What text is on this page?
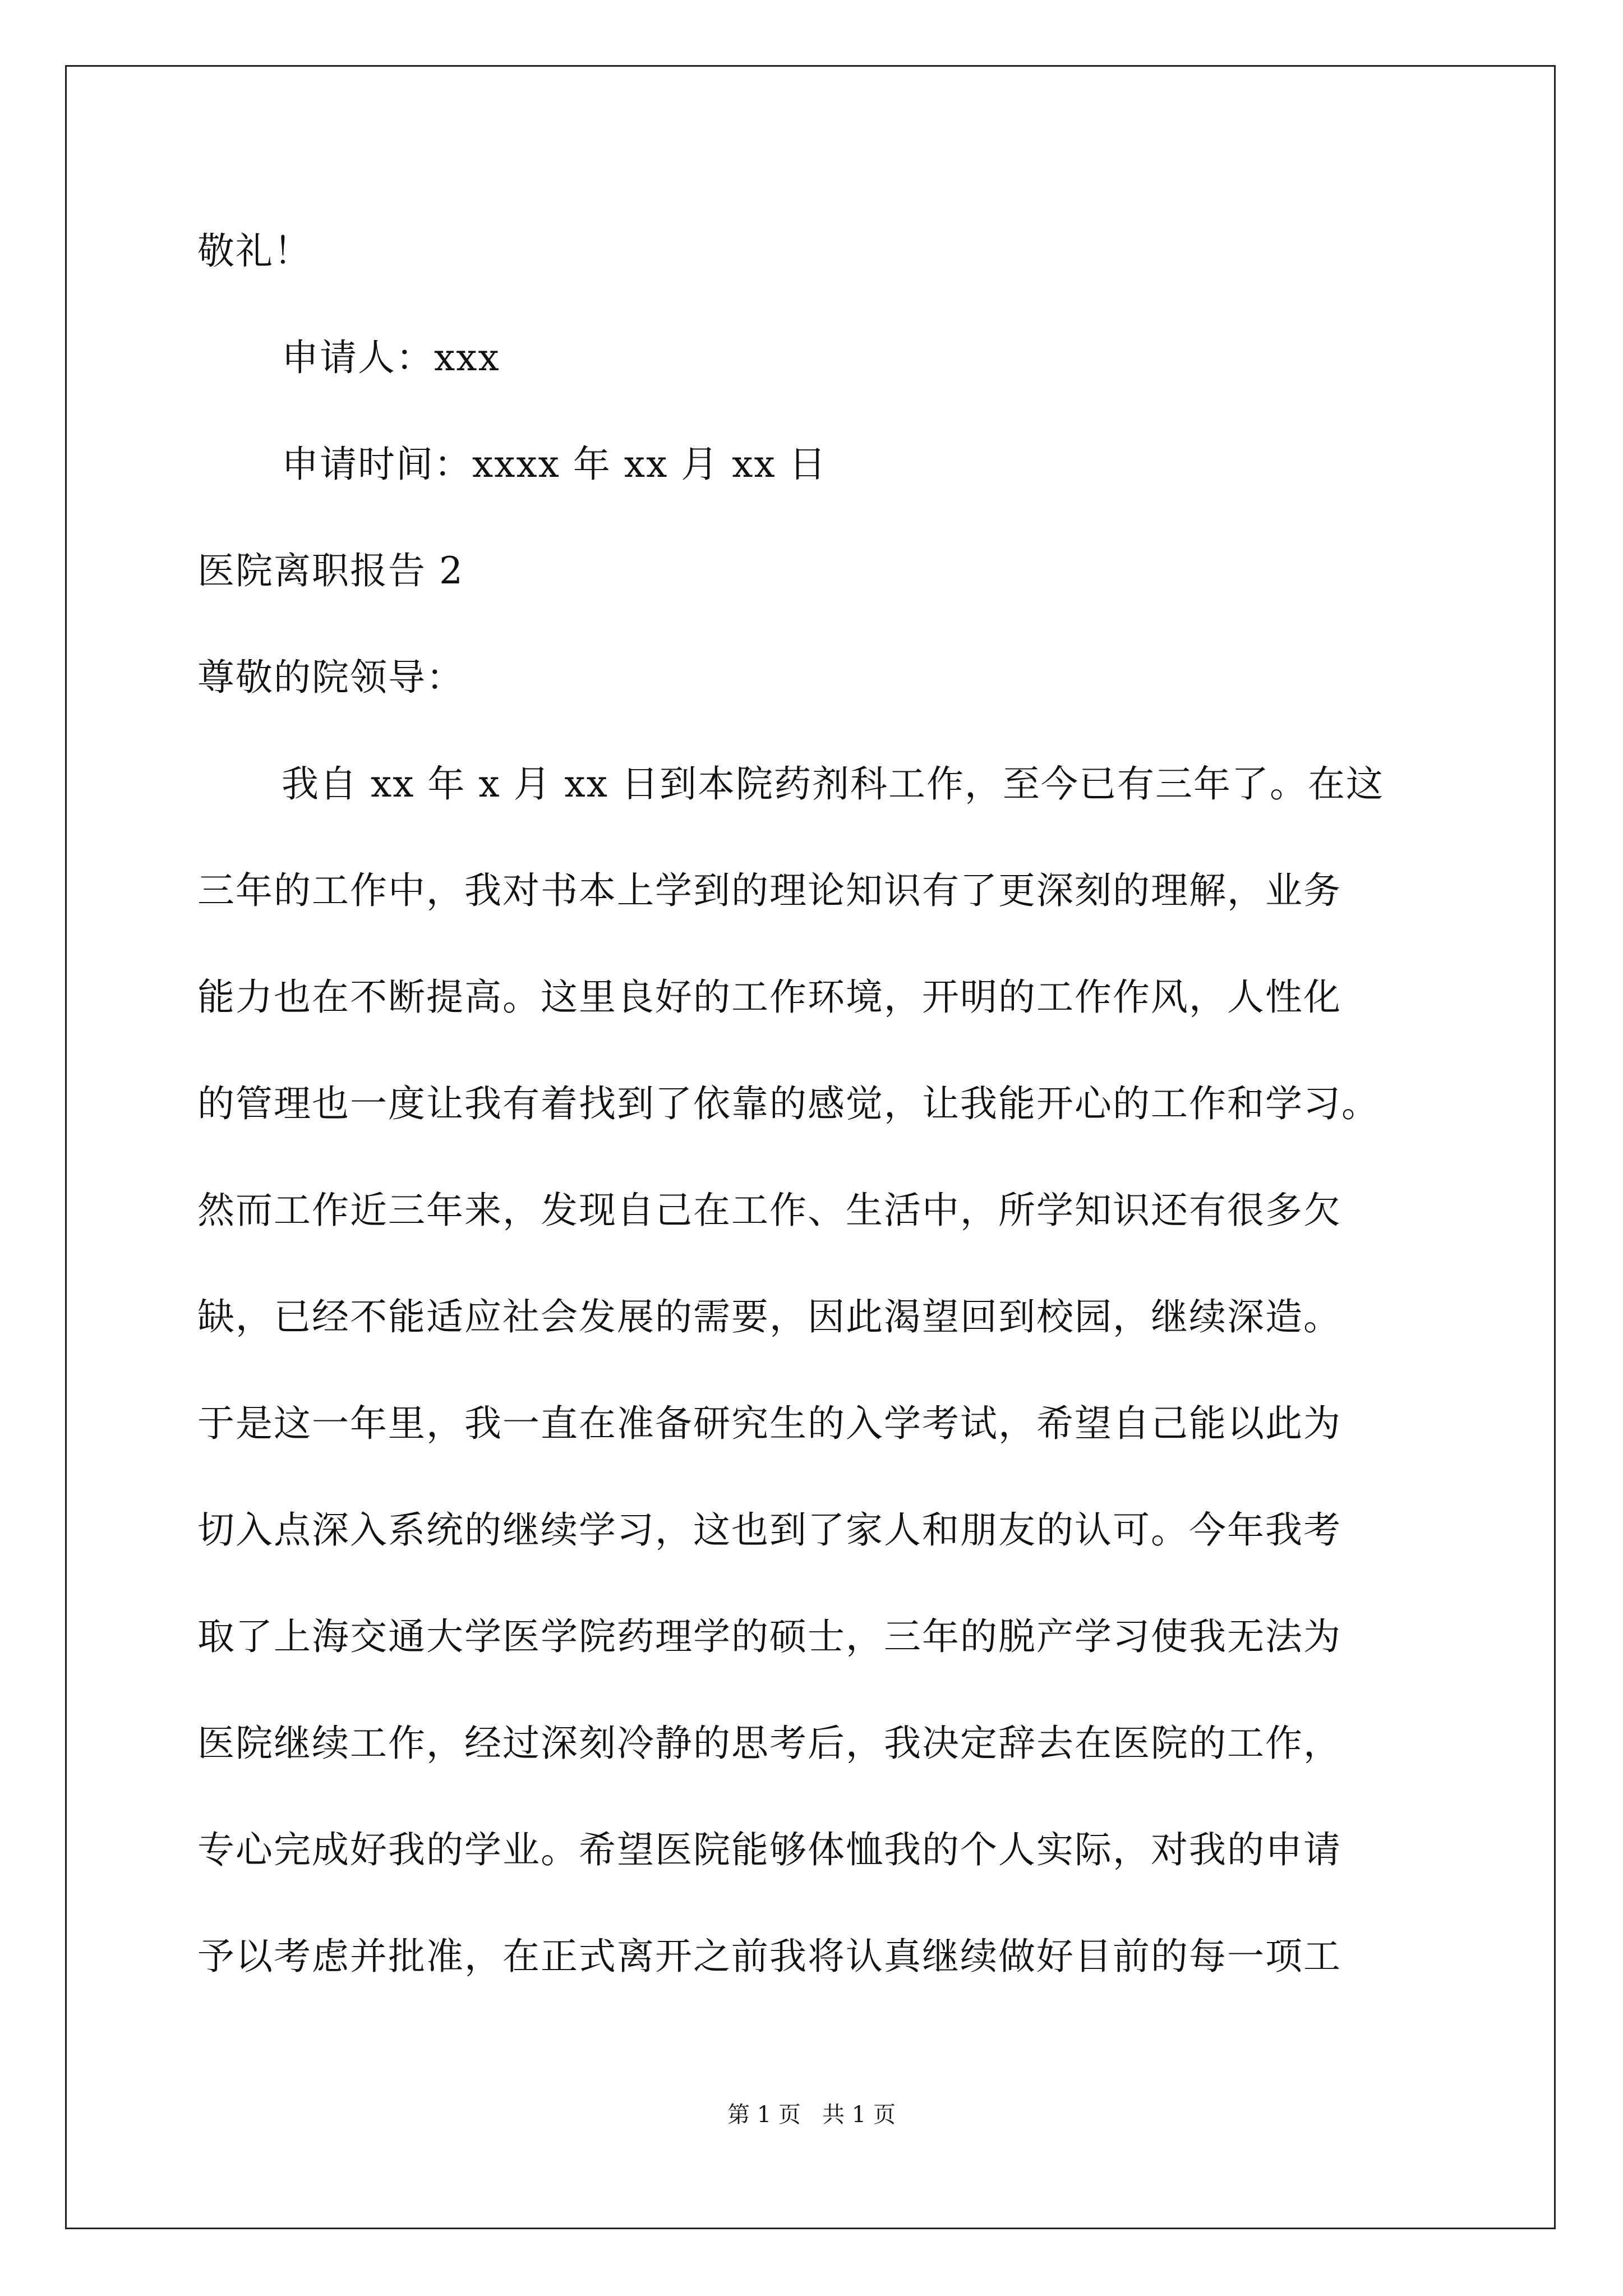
敬礼！
申请人：xxx
申请时间：xxxx 年 xx 月 xx 日
医院离职报告 2
尊敬的院领导：
我自 xx 年 x 月 xx 日到本院药剂科工作，至今已有三年了。在这
三年的工作中，我对书本上学到的理论知识有了更深刻的理解，业务
能力也在不断提高。这里良好的工作环境，开明的工作作风，人性化
的管理也一度让我有着找到了依靠的感觉，让我能开心的工作和学习。
然而工作近三年来，发现自己在工作、生活中，所学知识还有很多欠
缺，已经不能适应社会发展的需要，因此渴望回到校园，继续深造。
于是这一年里，我一直在准备研究生的入学考试，希望自己能以此为
切入点深入系统的继续学习，这也到了家人和朋友的认可。今年我考
取了上海交通大学医学院药理学的硕士，三年的脱产学习使我无法为
医院继续工作，经过深刻冷静的思考后，我决定辞去在医院的工作，
专心完成好我的学业。希望医院能够体恤我的个人实际，对我的申请
予以考虑并批准，在正式离开之前我将认真继续做好目前的每一项工
第 1 页   共 1 页
